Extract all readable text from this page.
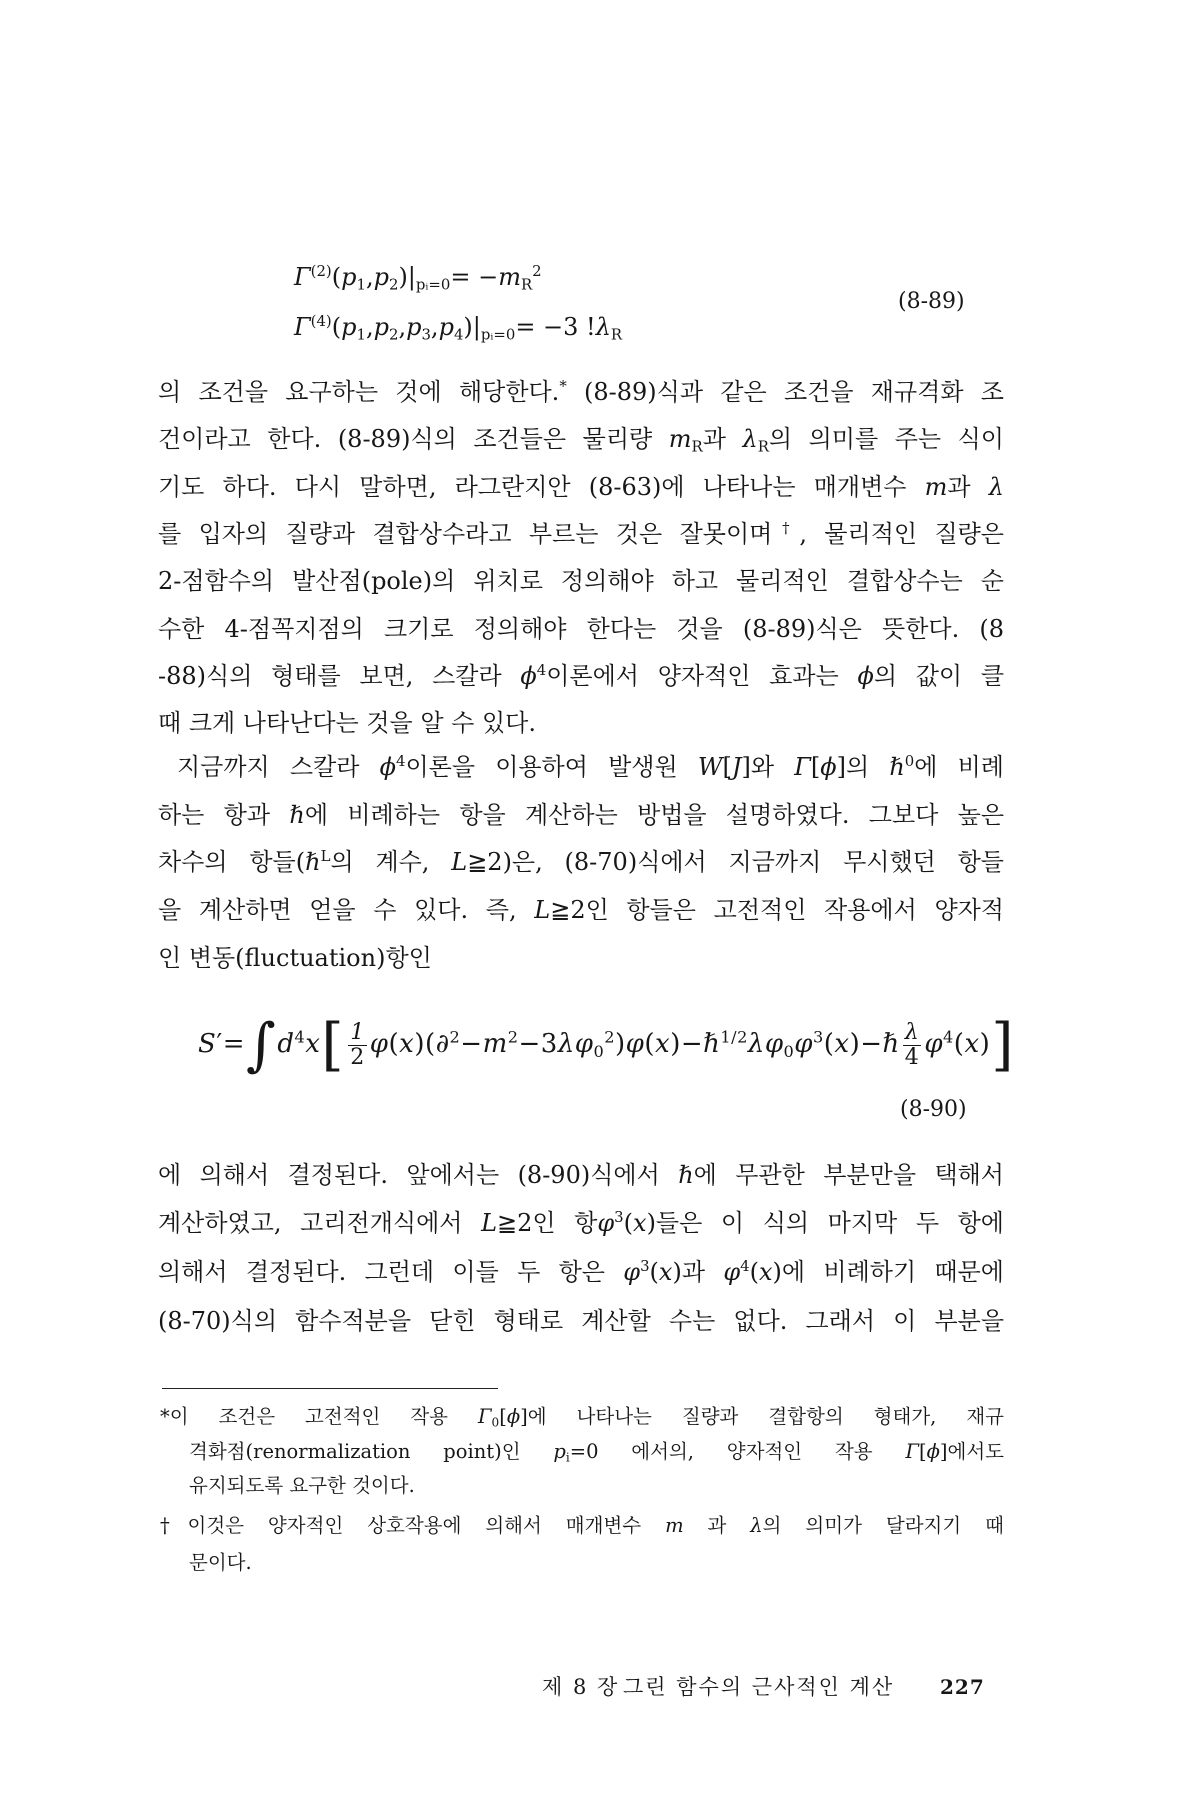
$\Gamma^{(2)}(p1,p2)|pᵢ=0= -mR^2$
$\Gamma^{(4)}(p1,p2,p3,p4)|pᵢ=0= -3$ !λR
(8-89)
의 조건을 요구하는 것에 해당한다.* (8-89)식과 같은 조건을 재규격화 조
건이라고 한다. (8-89)식의 조건들은 물리량 mR과 λR의 의미를 주는 식이
기도 하다. 다시 말하면, 라그란지안 (8-63)에 나타나는 매개변수 m과 λ
를 입자의 질량과 결합상수라고 부르는 것은 잘못이며†, 물리적인 질량은
2-점함수의 발산점(pole)의 위치로 정의해야 하고 물리적인 결합상수는 순
수한 4-점꼭지점의 크기로 정의해야 한다는 것을 (8-89)식은 뜻한다. (8
-88)식의 형태를 보면, 스칼라 $\phi^4$이론에서 양자적인 효과는 ϕ의 값이 클
때 크게 나타난다는 것을 알 수 있다.
지금까지 스칼라 $\phi^4$이론을 이용하여 발생원 W[J]와 Γ[ϕ]의 ℏ$^0$에 비례
하는 항과 ℏ에 비례하는 항을 계산하는 방법을 설명하였다. 그보다 높은
차수의 항들(ℏ$^L$의 계수, L≧2)은, (8-70)식에서 지금까지 무시했던 항들
을 계산하면 얻을 수 있다. 즉, L≧2인 항들은 고전적인 작용에서 양자적
인 변동(fluctuation)항인
$S'=\int d^4x[ \frac{1}{2}$ $\varphi(x)(\partial^2-m^2-3\lambda\varphi 0^2)\varphi(x)-\hbar^{1/2}\lambda\varphi 0\varphi^3(x)-\hbar \frac{\lambda}{4} \varphi^4(x)$]
(8-90)
에 의해서 결정된다. 앞에서는 (8-90)식에서 ℏ에 무관한 부분만을 택해서
계산하였고, 고리전개식에서 L≧2인 항$\varphi^3(x)$들은 이 식의 마지막 두 항에
의해서 결정된다. 그런데 이들 두 항은 $\varphi^3(x)$과 $\varphi^4(x)$에 비례하기 때문에
(8-70)식의 함수적분을 닫힌 형태로 계산할 수는 없다. 그래서 이 부분을
*이 조건은 고전적인 작용 Γ0[ϕ]에 나타나는 질량과 결합항의 형태가, 재규
격화점(renormalization point)인 pi=0 에서의, 양자적인 작용 Γ[ϕ]에서도
유지되도록 요구한 것이다.
†이것은 양자적인 상호작용에 의해서 매개변수 m 과 λ의 의미가 달라지기 때
문이다.
제 8 장 그린 함수의 근사적인 계산 227
